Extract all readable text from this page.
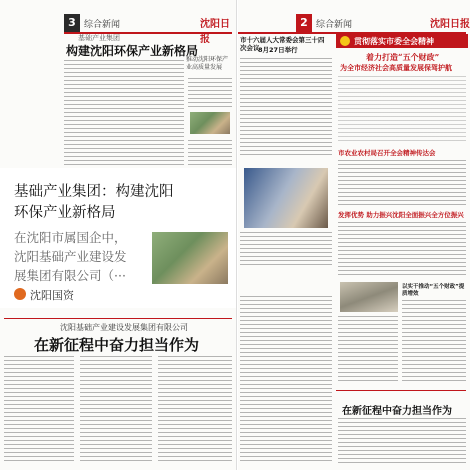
3 综合新闻	沈阳日报
基础产业集团
构建沈阳环保产业新格局
推动沈阳环保产业高质量发展
沈阳基础产业建设发展集团有限公司
在新征程中奋力担当作为
基础产业集团：构建沈阳
环保产业新格局
在沈阳市属国企中，
沈阳基础产业建设发
展集团有限公司（···
沈阳国资
2 综合新闻	沈阳日报
市十六届人大常委会第三十四次会议
8月27日举行
贯彻落实市委全会精神
着力打造“五个财政”
为全市经济社会高质量发展保驾护航
市农业农村局召开全会精神传达会
发挥优势 助力振兴沈阳全面振兴全方位振兴
以实干推动“五个财政”提质增效
在新征程中奋力担当作为
